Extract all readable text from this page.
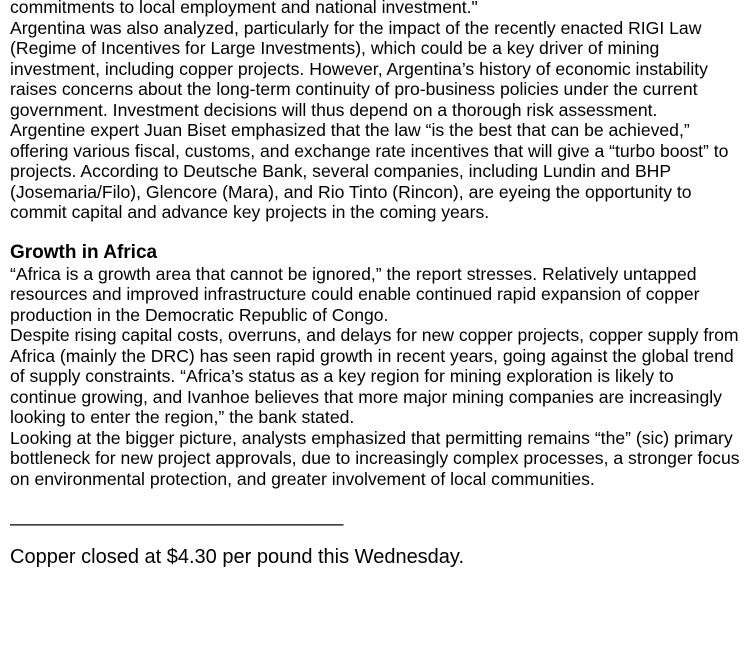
commitments to local employment and national investment."

Argentina was also analyzed, particularly for the impact of the recently enacted RIGI Law (Regime of Incentives for Large Investments), which could be a key driver of mining investment, including copper projects. However, Argentina’s history of economic instability raises concerns about the long-term continuity of pro-business policies under the current government. Investment decisions will thus depend on a thorough risk assessment.

Argentine expert Juan Biset emphasized that the law “is the best that can be achieved,” offering various fiscal, customs, and exchange rate incentives that will give a “turbo boost” to projects. According to Deutsche Bank, several companies, including Lundin and BHP (Josemaria/Filo), Glencore (Mara), and Rio Tinto (Rincon), are eyeing the opportunity to commit capital and advance key projects in the coming years.

Growth in Africa

“Africa is a growth area that cannot be ignored,” the report stresses. Relatively untapped resources and improved infrastructure could enable continued rapid expansion of copper production in the Democratic Republic of Congo.

Despite rising capital costs, overruns, and delays for new copper projects, copper supply from Africa (mainly the DRC) has seen rapid growth in recent years, going against the global trend of supply constraints. “Africa’s status as a key region for mining exploration is likely to continue growing, and Ivanhoe believes that more major mining companies are increasingly looking to enter the region,” the bank stated.

Looking at the bigger picture, analysts emphasized that permitting remains “the” (sic) primary bottleneck for new project approvals, due to increasingly complex processes, a stronger focus on environmental protection, and greater involvement of local communities.

——————————————————

Copper closed at $4.30 per pound this Wednesday.
